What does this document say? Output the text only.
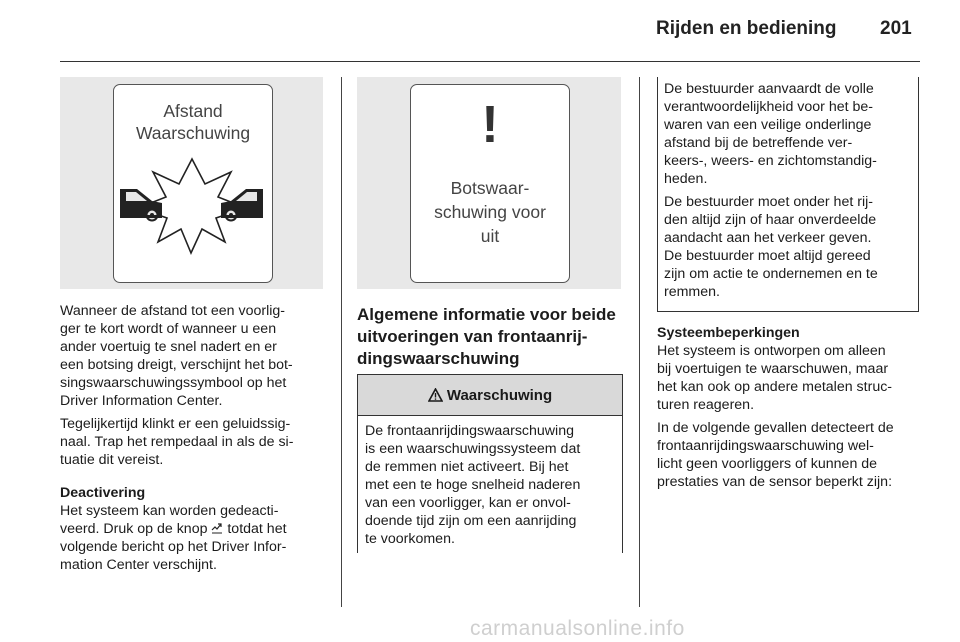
Rijden en bediening 201
Afstand
Waarschuwing

Wanneer de afstand tot een voorlig-
ger te kort wordt of wanneer u een
ander voertuig te snel nadert en er
een botsing dreigt, verschijnt het bot-
singswaarschuwingssymbool op het
Driver Information Center.

Tegelijkertijd klinkt er een geluidssig-
naal. Trap het rempedaal in als de si-
tuatie dit vereist.

Deactivering

Het systeem kan worden gedeacti-
veerd. Druk op de knop  totdat het
volgende bericht op het Driver Infor-
mation Center verschijnt.

!
Botswaar-
schuwing voor
uit
Algemene informatie voor beide
uitvoeringen van frontaanrij-
dingswaarschuwing
Waarschuwing
De frontaanrijdingswaarschuwing
is een waarschuwingssysteem dat
de remmen niet activeert. Bij het
met een te hoge snelheid naderen
van een voorligger, kan er onvol-
doende tijd zijn om een aanrijding
te voorkomen.

De bestuurder aanvaardt de volle
verantwoordelijkheid voor het be-
waren van een veilige onderlinge
afstand bij de betreffende ver-
keers-, weers- en zichtomstandig-
heden.

De bestuurder moet onder het rij-
den altijd zijn of haar onverdeelde
aandacht aan het verkeer geven.
De bestuurder moet altijd gereed
zijn om actie te ondernemen en te
remmen.

Systeembeperkingen

Het systeem is ontworpen om alleen
bij voertuigen te waarschuwen, maar
het kan ook op andere metalen struc-
turen reageren.

In de volgende gevallen detecteert de
frontaanrijdingswaarschuwing wel-
licht geen voorliggers of kunnen de
prestaties van de sensor beperkt zijn:

carmanualsonline.info
